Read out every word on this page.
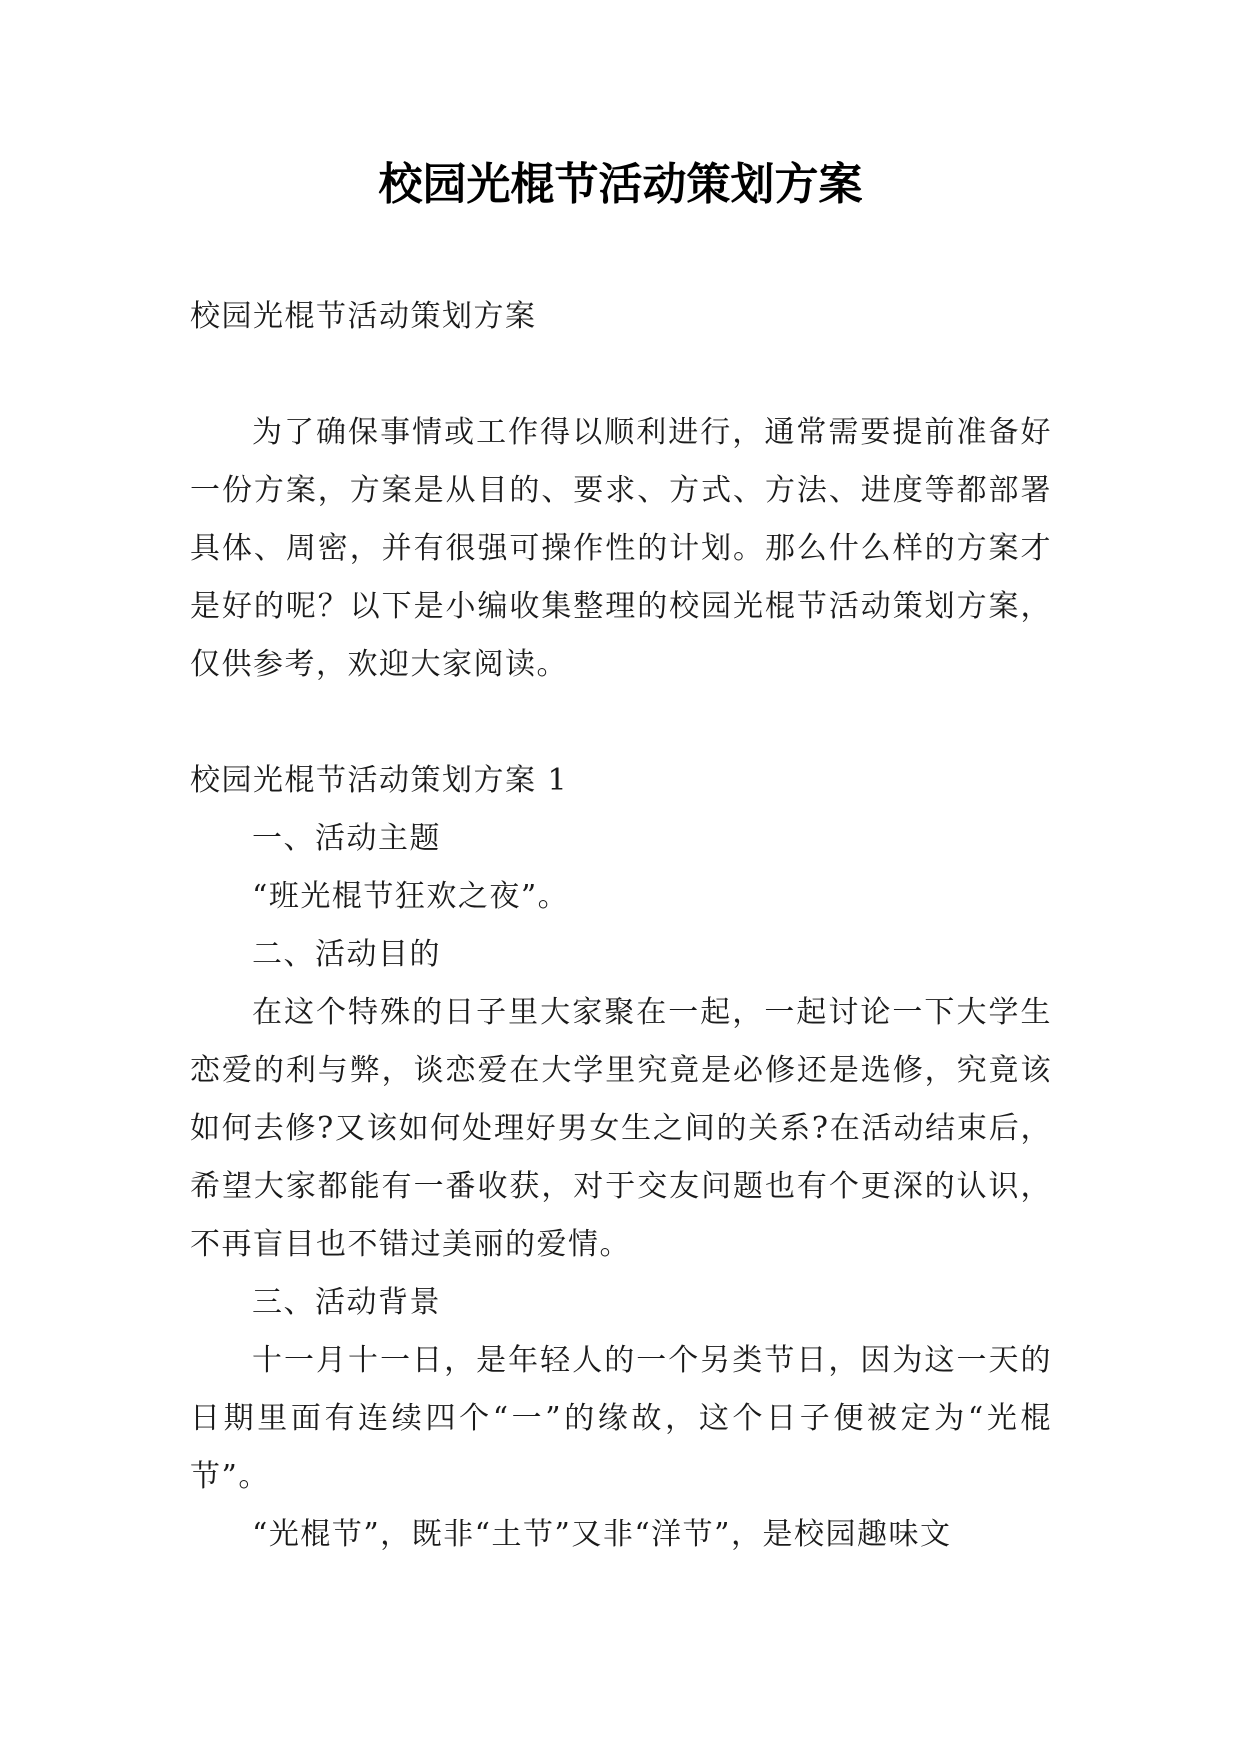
校园光棍节活动策划方案

校园光棍节活动策划方案

为了确保事情或工作得以顺利进行，通常需要提前准备好一份方案，方案是从目的、要求、方式、方法、进度等都部署具体、周密，并有很强可操作性的计划。那么什么样的方案才是好的呢？以下是小编收集整理的校园光棍节活动策划方案，仅供参考，欢迎大家阅读。

校园光棍节活动策划方案 1

一、活动主题

“班光棍节狂欢之夜”。

二、活动目的

在这个特殊的日子里大家聚在一起，一起讨论一下大学生恋爱的利与弊，谈恋爱在大学里究竟是必修还是选修，究竟该如何去修?又该如何处理好男女生之间的关系?在活动结束后，希望大家都能有一番收获，对于交友问题也有个更深的认识，不再盲目也不错过美丽的爱情。

三、活动背景

十一月十一日，是年轻人的一个另类节日，因为这一天的日期里面有连续四个“一”的缘故，这个日子便被定为“光棍节”。

“光棍节”，既非“土节”又非“洋节”，是校园趣味文
